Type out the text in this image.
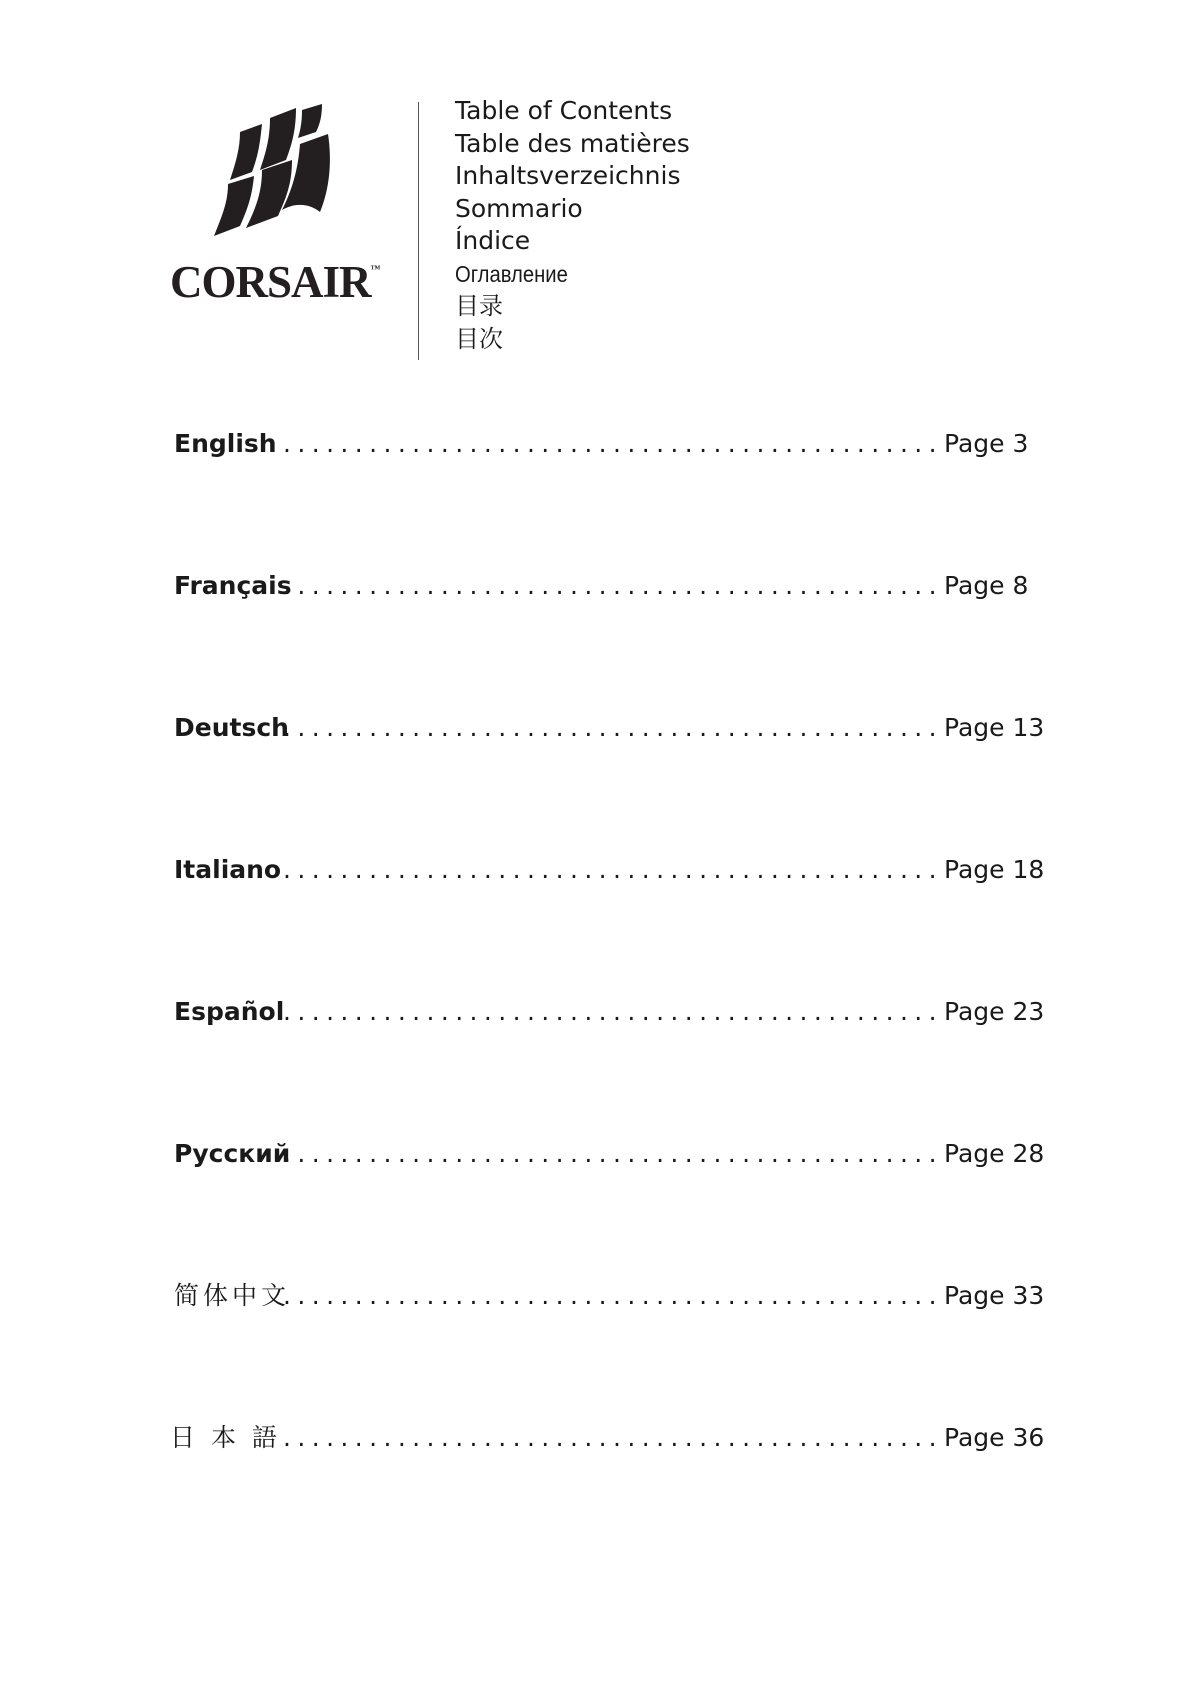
CORSAIR™
Table of Contents
Table des matières
Inhaltsverzeichnis
Sommario
Índice
Оглавление
目录
目次
English .............................................. Page 3
Français
.............................................. Page 8
Deutsch
.............................................. Page 13
Italiano .............................................. Page 18
Español
.............................................. Page 23
Русский
.............................................. Page 28
简体中文
.............................................. Page 33
日 本 語 .............................................. Page 36
